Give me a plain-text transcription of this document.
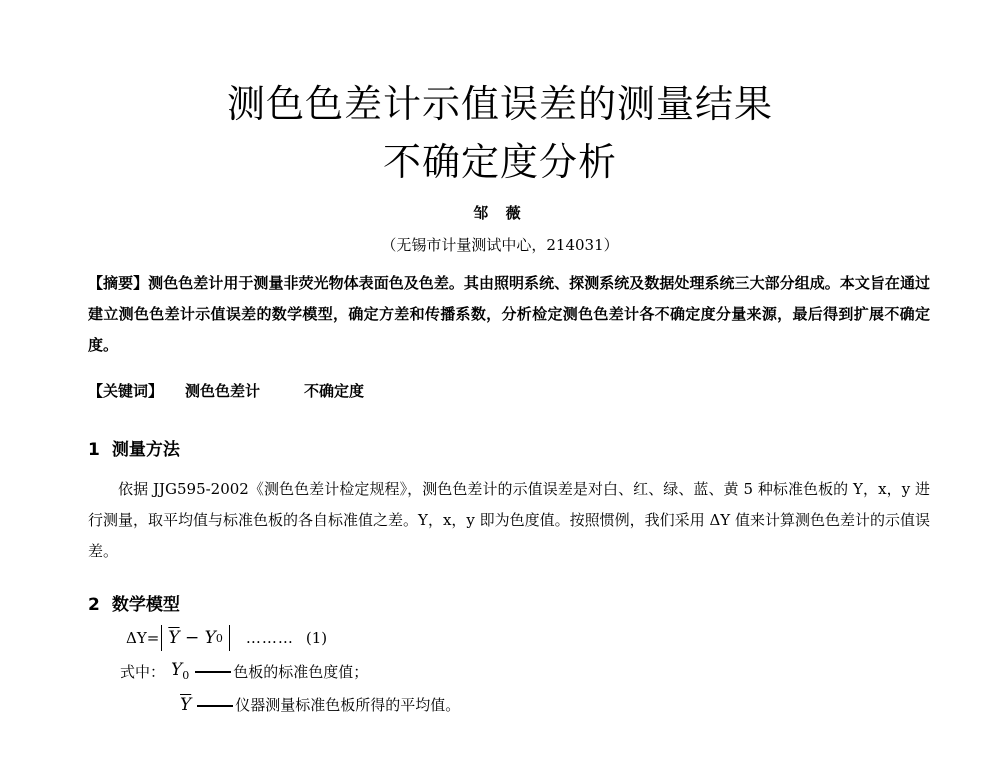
测色色差计示值误差的测量结果
不确定度分析
邹 薇
（无锡市计量测试中心，214031）
【摘要】测色色差计用于测量非荧光物体表面色及色差。其由照明系统、探测系统及数据处理系统三大部分组成。本文旨在通过建立测色色差计示值误差的数学模型，确定方差和传播系数，分析检定测色色差计各不确定度分量来源，最后得到扩展不确定度。
【关键词】 测色色差计	不确定度
1 测量方法
依据 JJG595-2002《测色色差计检定规程》，测色色差计的示值误差是对白、红、绿、蓝、黄 5 种标准色板的 Y，x，y 进行测量，取平均值与标准色板的各自标准值之差。Y，x，y 即为色度值。按照惯例，我们采用 ΔY 值来计算测色色差计的示值误差。
2 数学模型
$\Delta Y= \overline{Y} - Y$ 0 ……… (1)
式中： $Y_0$	色板的标准色度值；
$\overline{Y}$	仪器测量标准色板所得的平均值。
